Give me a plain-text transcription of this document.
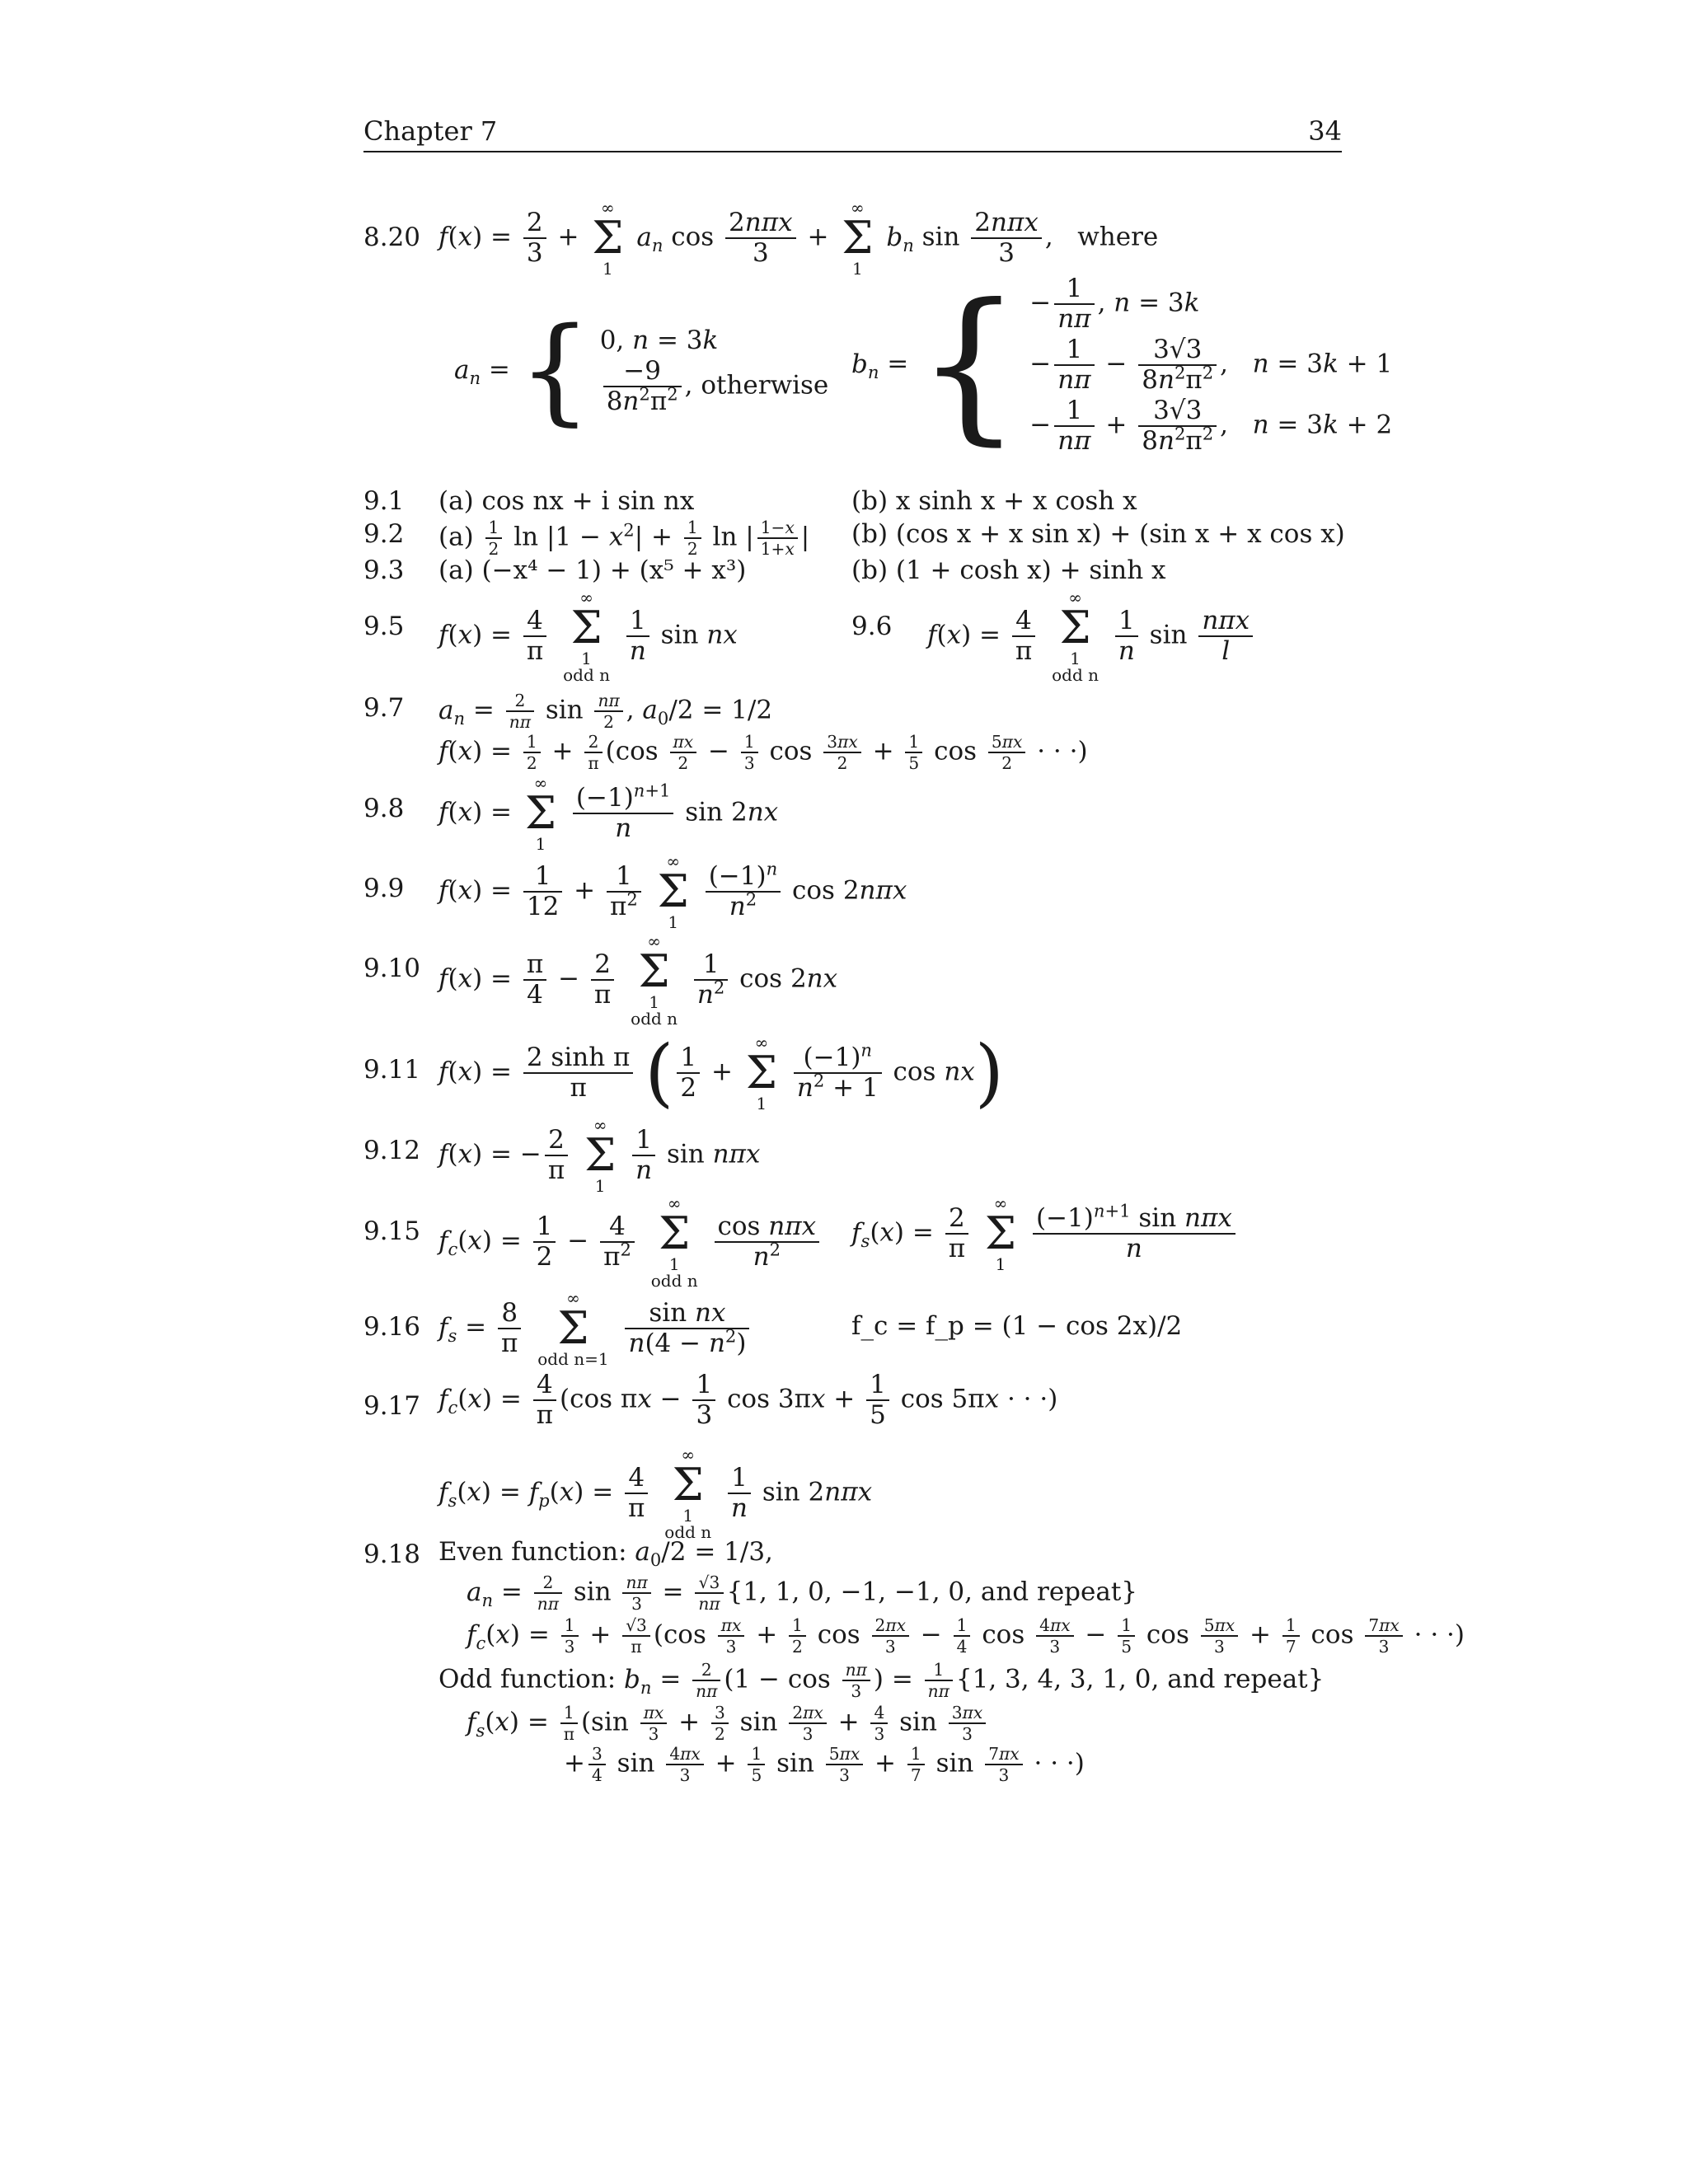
Chapter 7	34
8.20 $f(x) = \frac{2}{3}$ +
∞
Σ
1
$a_n$ $\cos \frac{\text{2nπx}}{3}$ +
∞
Σ
1
$b_n$ $\sin \frac{\text{2nπx}}{3}$ ,   where
$a_n$ = { 0, n = 3k
$\frac{-9}{8n^2\pi^2}$ , otherwise
$b_n$ = { − $\frac{1}{n\pi}$ , n = 3k
− $\frac{1}{n\pi} - \frac{3√3}{8n^2\pi^2}$ ,   n = 3k + 1
− $\frac{1}{n\pi} + \frac{3√3}{8n^2\pi^2}$ ,   n = 3k + 2
9.1 (a) cos nx + i sin nx	(b) x sinh x + x cosh x
9.2 $(a) \frac{1}{2}$ $\ln |1 - x^2| + \frac{1}{2}$ ln | $\frac{1-x}{1+x}$ | (b) (cos x + x sin x) + (sin x + x cos x)
9.3 (a) (−x⁴ − 1) + (x⁵ + x³)	(b) (1 + cosh x) + sinh x
9.5 $f(x) = \frac{4}{\pi}$

∞
Σ
1
odd n

$\frac{1}{n}$ sin nx	9.6 $f(x) = \frac{4}{\pi}$

∞
Σ
1
odd n

$\frac{1}{n}$ $\sin \frac{\text{nπx}}{l}$
9.7 $a_n = \frac{2}{n\pi}$ $\sin \frac{n\pi}{2}$ , $a_0/2 = 1/2$
$f(x) = \frac{1}{2} + \frac{2}{\pi} (\cos \frac{\pi x}{2} - \frac{1}{3}$ $\cos \frac{3\pi x}{2} + \frac{1}{5}$ $\cos \frac{5\pi x}{2}$ · · ·)
9.8 f(x) =
∞
Σ
1

$\frac{(-1)^{n+1}}{n}$ sin 2nx
9.9 $f(x) = \frac{1}{12} + \frac{1}{\pi^2}$

∞
Σ
1

$\frac{(-1)^n}{n^2}$ cos 2nπx
9.10 $f(x) = \frac{\pi}{4} - \frac{2}{\pi}$

∞
Σ
1
odd n

$\frac{1}{n^2}$ cos 2nx
9.11 $f(x) = \frac{\text{2 sinh π}}{\pi}$ ( $\frac{1}{2}$ +
∞
Σ
1

$\frac{(-1)^n}{n^2 + 1}$ cos nx)
9.12 f(x) = − $\frac{2}{\pi}$

∞
Σ
1

$\frac{1}{n}$ sin nπx
9.15 $f_c(x) = \frac{1}{2} - \frac{4}{\pi^2}$

∞
Σ
1
odd n

$\frac{\text{cos nπx}}{n^2} f_s(x) = \frac{2}{\pi}$

∞
Σ
1

$\frac{(-1)^{n+1} \sin n\pi x}{n}$
9.16 $f_s = \frac{8}{\pi}$

∞
Σ
odd n=1

$\frac{\text{sin nx}}{n(4 - n^2)}$	f_c = f_p = (1 − cos 2x)/2
9.17 $f_c(x) = \frac{4}{\pi} (\cos$ $\pi x - \frac{1}{3}$ $\cos 3\pi x + \frac{1}{5}$ cos 5πx · · ·)
$f_s(x) = f_p(x) = \frac{4}{\pi}$

∞
Σ
1
odd n

$\frac{1}{n}$ sin 2nπx
9.18 Even function: $a_0/2 = 1/3$,
$a_n = \frac{2}{n\pi}$ $\sin \frac{n\pi}{3} = \frac{√3}{n\pi} \{1$, 1, 0, −1, −1, 0, and repeat}
$f_c(x) = \frac{1}{3} + \frac{√3}{\pi} (\cos \frac{\pi x}{3} + \frac{1}{2}$ $\cos \frac{2\pi x}{3} - \frac{1}{4}$ $\cos \frac{4\pi x}{3} - \frac{1}{5}$ $\cos \frac{5\pi x}{3} + \frac{1}{7}$ $\cos \frac{7\pi x}{3}$ · · ·)
Odd function: $b_n = \frac{2}{n\pi} (1 - \cos \frac{n\pi}{3}$ ) = $\frac{1}{n\pi} \{1$, 3, 4, 3, 1, 0, and repeat}
$f_s(x) = \frac{1}{\pi} (\sin \frac{\pi x}{3} + \frac{3}{2}$ $\sin \frac{2\pi x}{3} + \frac{4}{3}$ $\sin \frac{3\pi x}{3}$
+ $\frac{3}{4}$ $\sin \frac{4\pi x}{3} + \frac{1}{5}$ $\sin \frac{5\pi x}{3} + \frac{1}{7}$ $\sin \frac{7\pi x}{3}$ · · ·)
